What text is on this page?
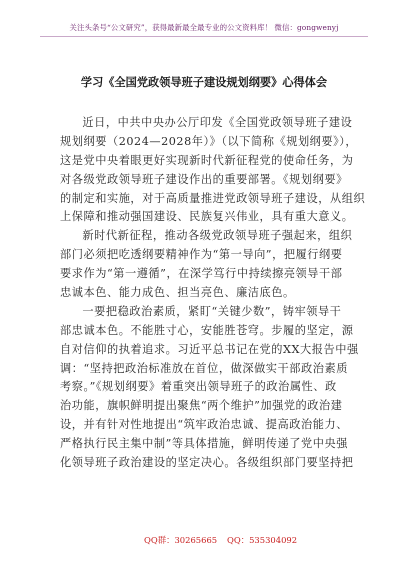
关注头条号“公文研究”，获得最新最全最专业的公文资料库！ 微信：gongwenyj
学习《全国党政领导班子建设规划纲要》心得体会
近日，中共中央办公厅印发《全国党政领导班子建设
规划纲要（2024—2028年）》（以下简称《规划纲要》），
这是党中央着眼更好实现新时代新征程党的使命任务，为
对各级党政领导班子建设作出的重要部署。《规划纲要》
的制定和实施，对于高质量推进党政领导班子建设，从组织
上保障和推动强国建设、民族复兴伟业，具有重大意义。
新时代新征程，推动各级党政领导班子强起来，组织
部门必须把吃透纲要精神作为“第一导向”，把履行纲要
要求作为“第一遵循”，在深学笃行中持续擦亮领导干部
忠诚本色、能力成色、担当亮色、廉洁底色。
一要把稳政治素质，紧盯“关键少数”，铸牢领导干
部忠诚本色。不能胜寸心，安能胜苍穹。步履的坚定，源
自对信仰的执着追求。习近平总书记在党的XX大报告中强
调：“坚持把政治标准放在首位，做深做实干部政治素质
考察。”《规划纲要》着重突出领导班子的政治属性、政
治功能，旗帜鲜明提出聚焦“两个维护”加强党的政治建
设，并有针对性地提出“筑牢政治忠诚、提高政治能力、
严格执行民主集中制”等具体措施，鲜明传递了党中央强
化领导班子政治建设的坚定决心。各级组织部门要坚持把
QQ群：30265665 QQ：535304092
